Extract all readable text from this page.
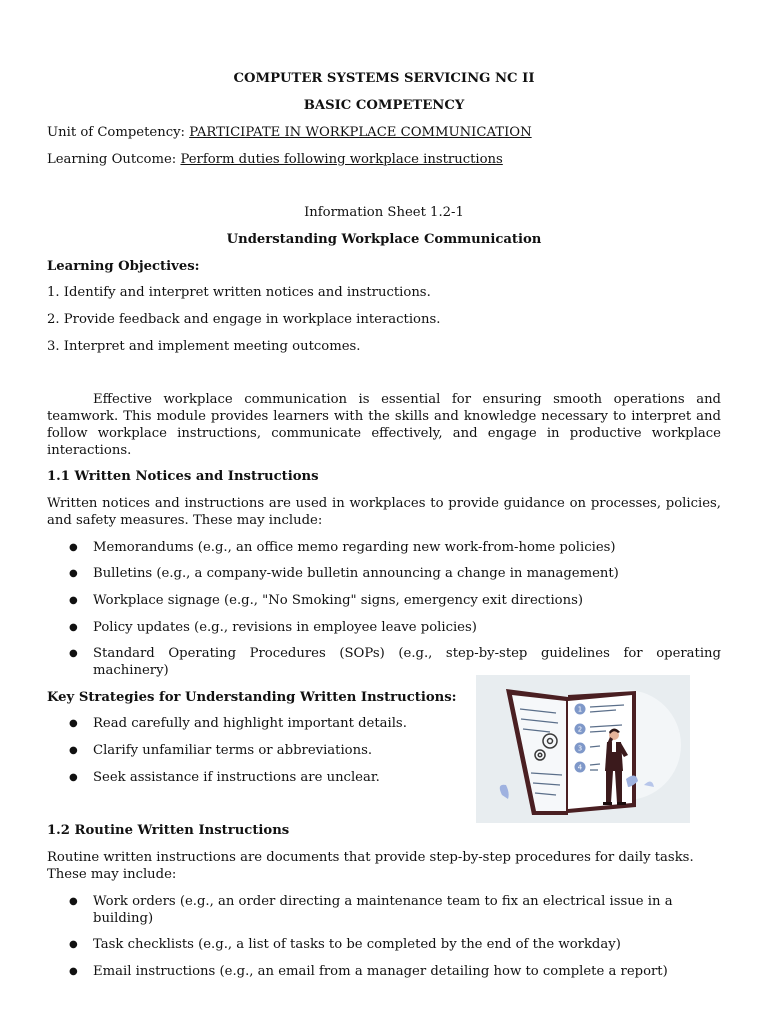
COMPUTER SYSTEMS SERVICING NC II
BASIC COMPETENCY
Unit of Competency: PARTICIPATE IN WORKPLACE COMMUNICATION
Learning Outcome: Perform duties following workplace instructions
Information Sheet 1.2-1
Understanding Workplace Communication
Learning Objectives:
1. Identify and interpret written notices and instructions.
2. Provide feedback and engage in workplace interactions.
3. Interpret and implement meeting outcomes.
Effective workplace communication is essential for ensuring smooth operations and teamwork. This module provides learners with the skills and knowledge necessary to interpret and follow workplace instructions, communicate effectively, and engage in productive workplace interactions.
1.1 Written Notices and Instructions
Written notices and instructions are used in workplaces to provide guidance on processes, policies, and safety measures. These may include:
● Memorandums (e.g., an office memo regarding new work-from-home policies)
● Bulletins (e.g., a company-wide bulletin announcing a change in management)
● Workplace signage (e.g., "No Smoking" signs, emergency exit directions)
● Policy updates (e.g., revisions in employee leave policies)
● Standard Operating Procedures (SOPs) (e.g., step-by-step guidelines for operating machinery)
Key Strategies for Understanding Written Instructions:
● Read carefully and highlight important details.
● Clarify unfamiliar terms or abbreviations.
● Seek assistance if instructions are unclear.
1
2
3
4
1.2 Routine Written Instructions
Routine written instructions are documents that provide step-by-step procedures for daily tasks. These may include:
● Work orders (e.g., an order directing a maintenance team to fix an electrical issue in a building)
● Task checklists (e.g., a list of tasks to be completed by the end of the workday)
● Email instructions (e.g., an email from a manager detailing how to complete a report)
